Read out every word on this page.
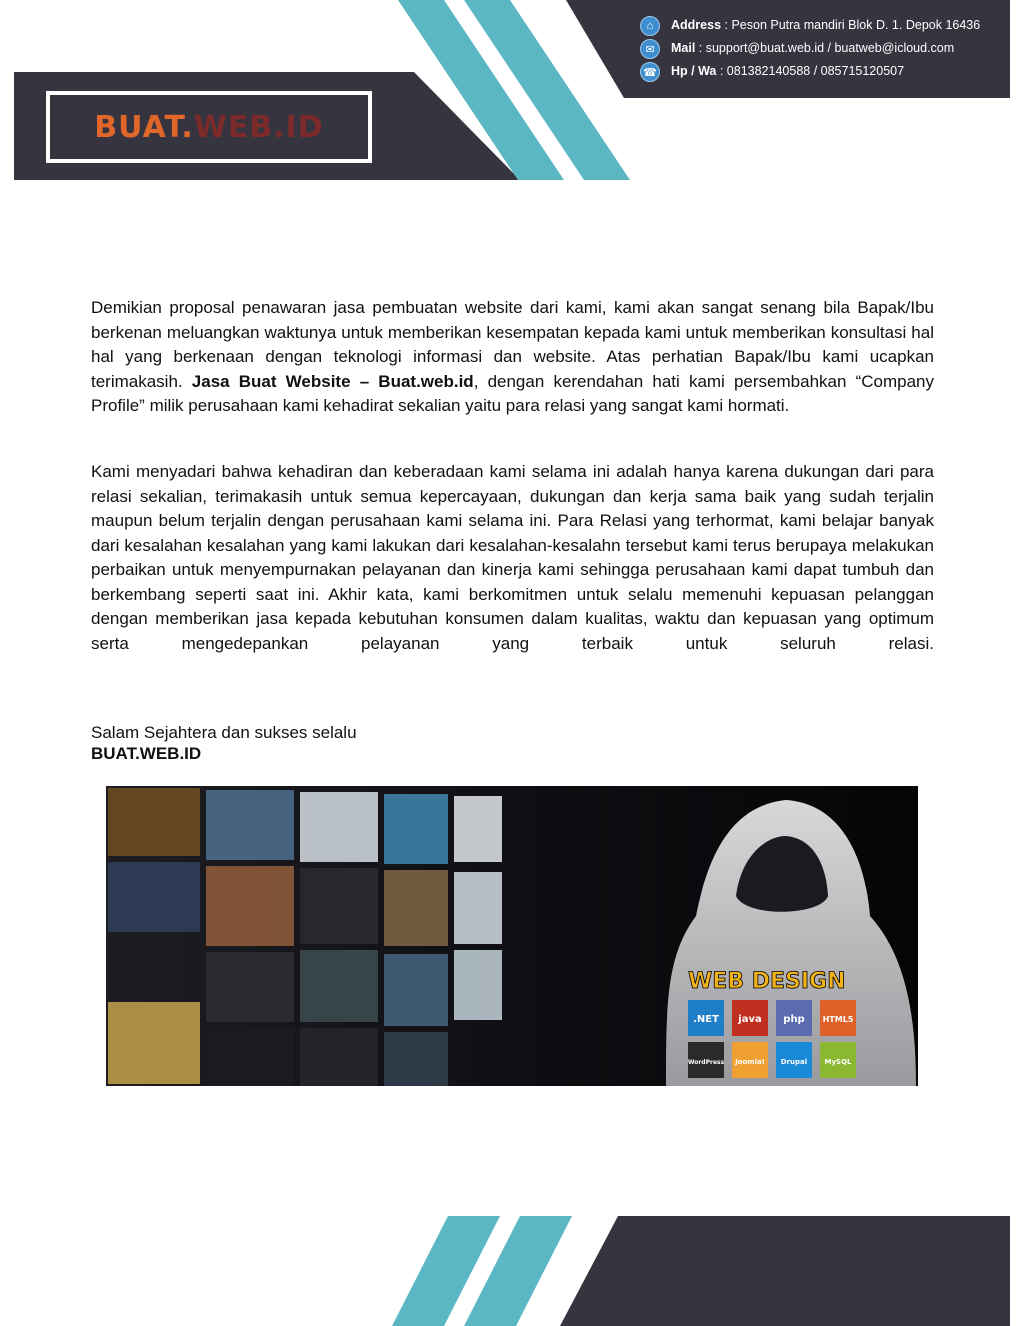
BUAT.WEB.ID
⌂	Address : Peson Putra mandiri Blok D. 1. Depok 16436
✉	Mail : support@buat.web.id / buatweb@icloud.com
☎ Hp / Wa : 081382140588 / 085715120507

Demikian proposal penawaran jasa pembuatan website dari kami, kami akan sangat senang bila Bapak/Ibu berkenan meluangkan waktunya untuk memberikan kesempatan kepada kami untuk memberikan konsultasi hal hal yang berkenaan dengan teknologi informasi dan website. Atas perhatian Bapak/Ibu kami ucapkan terimakasih. Jasa Buat Website – Buat.web.id, dengan kerendahan hati kami persembahkan “Company Profile” milik perusahaan kami kehadirat sekalian yaitu para relasi yang sangat kami hormati.

Kami menyadari bahwa kehadiran dan keberadaan kami selama ini adalah hanya karena dukungan dari para relasi sekalian, terimakasih untuk semua kepercayaan, dukungan dan kerja sama baik yang sudah terjalin maupun belum terjalin dengan perusahaan kami selama ini. Para Relasi yang terhormat, kami belajar banyak dari kesalahan kesalahan yang kami lakukan dari kesalahan-kesalahn tersebut kami terus berupaya melakukan perbaikan untuk menyempurnakan pelayanan dan kinerja kami sehingga perusahaan kami dapat tumbuh dan berkembang seperti saat ini. Akhir kata, kami berkomitmen untuk selalu memenuhi kepuasan pelanggan dengan memberikan jasa kepada kebutuhan konsumen dalam kualitas, waktu dan kepuasan yang optimum serta mengedepankan pelayanan yang terbaik untuk seluruh relasi.

Salam Sejahtera dan sukses selalu
BUAT.WEB.ID
WEB DESIGN
.NET java php HTML5
WordPress Joomla! Drupal MySQL
